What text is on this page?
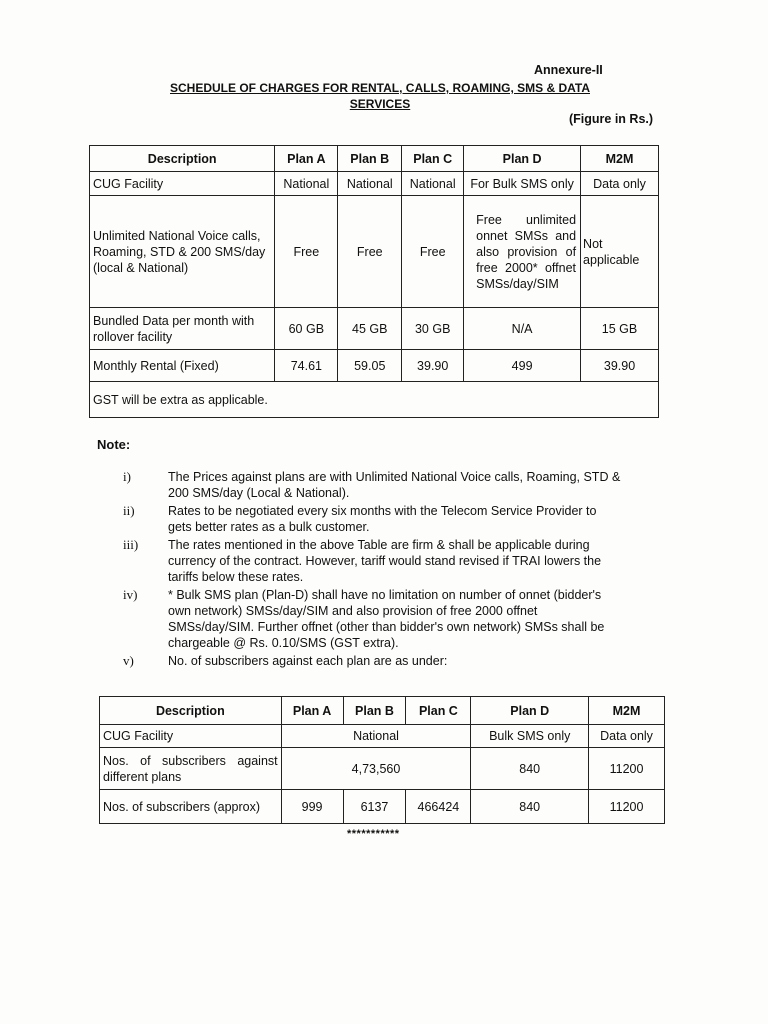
Annexure-II
SCHEDULE OF CHARGES FOR RENTAL, CALLS, ROAMING, SMS & DATA
SERVICES
(Figure in Rs.)
Description	Plan A	Plan B	Plan C	Plan D	M2M
CUG Facility	National	National	National	For Bulk SMS only	Data only
Unlimited National Voice calls, Roaming, STD & 200 SMS/day (local & National)	Free	Free	Free	Free unlimited onnet SMSs and also provision of free 2000* offnet SMSs/day/SIM	Not applicable
Bundled Data per month with rollover facility	60 GB	45 GB	30 GB	N/A	15 GB
Monthly Rental (Fixed)	74.61	59.05	39.90	499	39.90
GST will be extra as applicable.					
Note:
i)	The Prices against plans are with Unlimited National Voice calls, Roaming, STD & 200 SMS/day (Local & National).
ii)	Rates to be negotiated every six months with the Telecom Service Provider to gets better rates as a bulk customer.
iii) The rates mentioned in the above Table are firm & shall be applicable during currency of the contract. However, tariff would stand revised if TRAI lowers the tariffs below these rates.
iv) * Bulk SMS plan (Plan-D) shall have no limitation on number of onnet (bidder's own network) SMSs/day/SIM and also provision of free 2000 offnet SMSs/day/SIM. Further offnet (other than bidder's own network) SMSs shall be chargeable @ Rs. 0.10/SMS (GST extra).
v)	No. of subscribers against each plan are as under:
Description	Plan A	Plan B	Plan C	Plan D	M2M
CUG Facility	National			Bulk SMS only	Data only
Nos. of subscribers against different plans	4,73,560			840	11200
Nos. of subscribers (approx)	999	6137	466424	840	11200
***********
